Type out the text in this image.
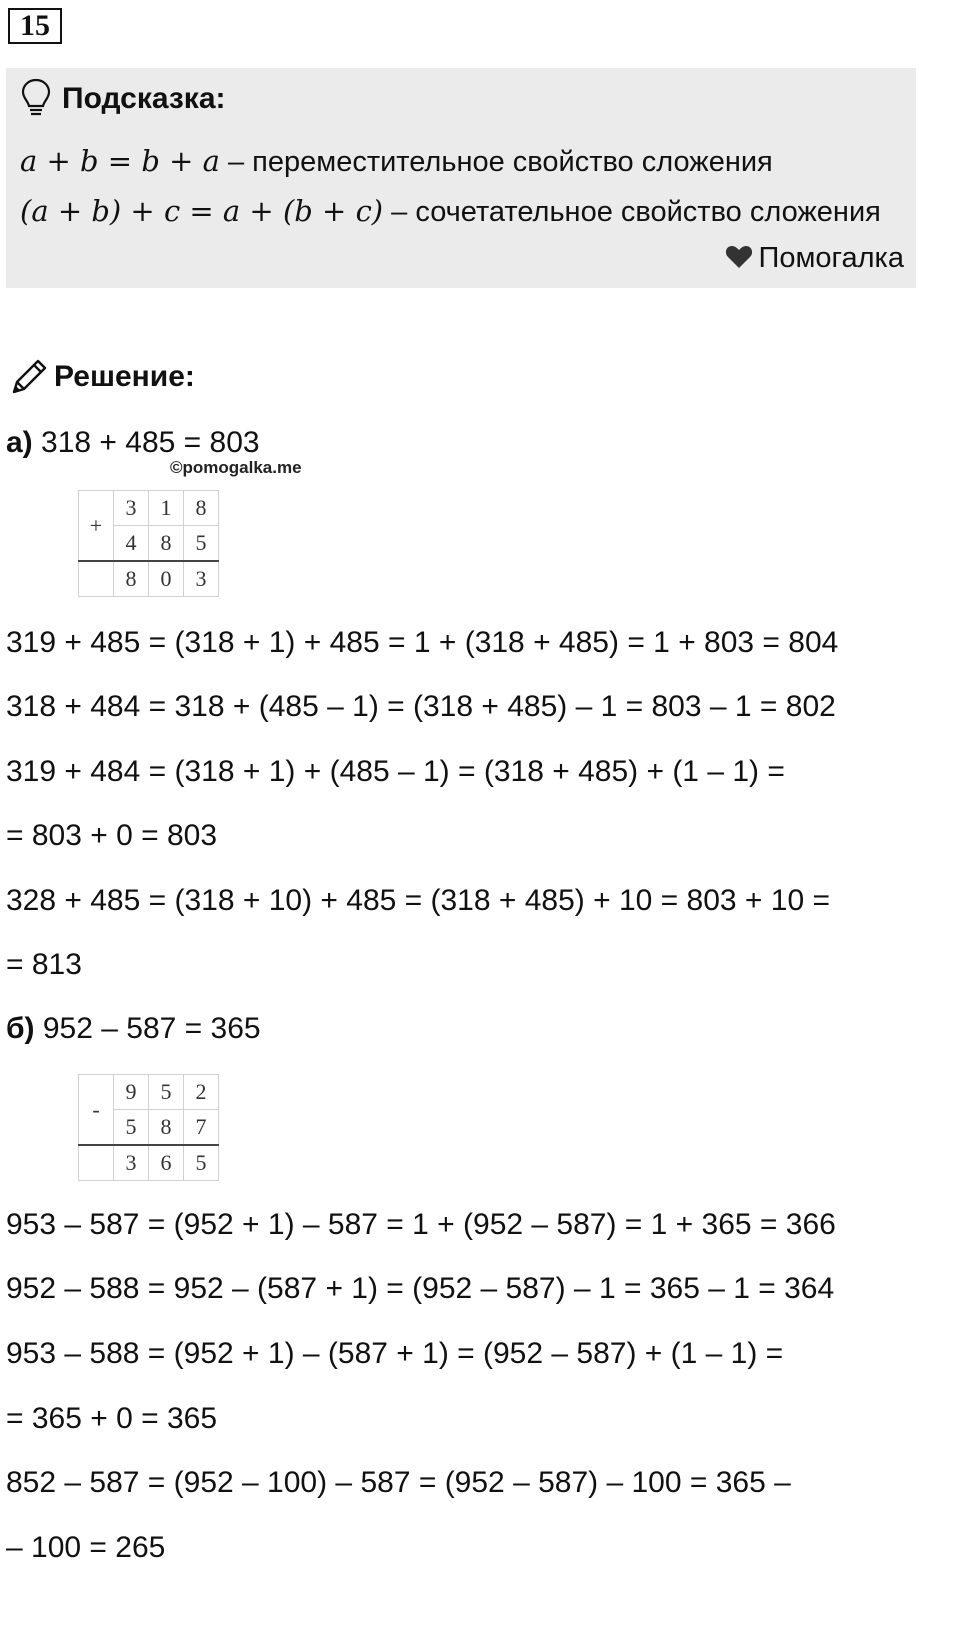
15
Подсказка:
a + b = b + a – переместительное свойство сложения
(a + b) + c = a + (b + c) – сочетательное свойство сложения
Помогалка
Решение:
а) 318 + 485 = 803
©pomogalka.me
+	3	1	8
	4	8	5
	8	0	3
319 + 485 = (318 + 1) + 485 = 1 + (318 + 485) = 1 + 803 = 804
318 + 484 = 318 + (485 – 1) = (318 + 485) – 1 = 803 – 1 = 802
319 + 484 = (318 + 1) + (485 – 1) = (318 + 485) + (1 – 1) =
= 803 + 0 = 803
328 + 485 = (318 + 10) + 485 = (318 + 485) + 10 = 803 + 10 =
= 813
б) 952 – 587 = 365
-	9	5	2
	5	8	7
	3	6	5
953 – 587 = (952 + 1) – 587 = 1 + (952 – 587) = 1 + 365 = 366
952 – 588 = 952 – (587 + 1) = (952 – 587) – 1 = 365 – 1 = 364
953 – 588 = (952 + 1) – (587 + 1) = (952 – 587) + (1 – 1) =
= 365 + 0 = 365
852 – 587 = (952 – 100) – 587 = (952 – 587) – 100 = 365 –
– 100 = 265
